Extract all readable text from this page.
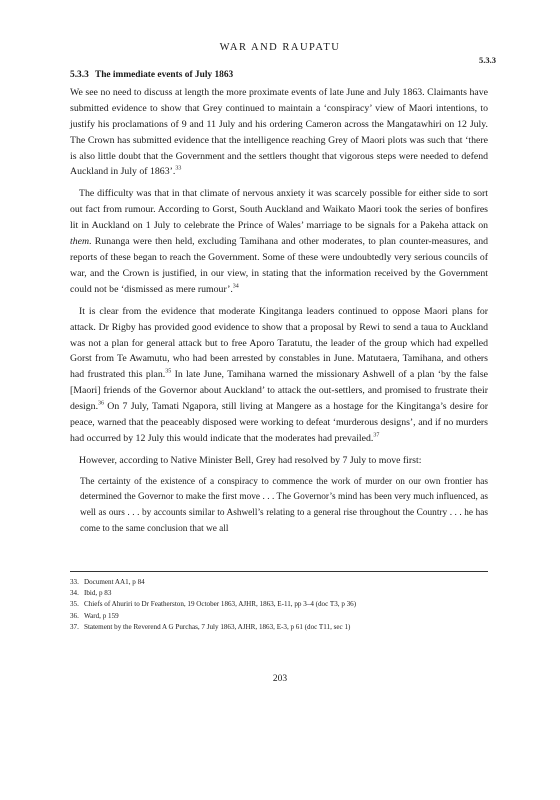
WAR AND RAUPATU
5.3.3
5.3.3 The immediate events of July 1863

We see no need to discuss at length the more proximate events of late June and July 1863. Claimants have submitted evidence to show that Grey continued to maintain a ‘conspiracy’ view of Maori intentions, to justify his proclamations of 9 and 11 July and his ordering Cameron across the Mangatawhiri on 12 July. The Crown has submitted evidence that the intelligence reaching Grey of Maori plots was such that ‘there is also little doubt that the Government and the settlers thought that vigorous steps were needed to defend Auckland in July of 1863’.$^{33}$

The difficulty was that in that climate of nervous anxiety it was scarcely possible for either side to sort out fact from rumour. According to Gorst, South Auckland and Waikato Maori took the series of bonfires lit in Auckland on 1 July to celebrate the Prince of Wales’ marriage to be signals for a Pakeha attack on them. Runanga were then held, excluding Tamihana and other moderates, to plan counter-measures, and reports of these began to reach the Government. Some of these were undoubtedly very serious councils of war, and the Crown is justified, in our view, in stating that the information received by the Government could not be ‘dismissed as mere rumour’.$^{34}$

It is clear from the evidence that moderate Kingitanga leaders continued to oppose Maori plans for attack. Dr Rigby has provided good evidence to show that a proposal by Rewi to send a taua to Auckland was not a plan for general attack but to free Aporo Taratutu, the leader of the group which had expelled Gorst from Te Awamutu, who had been arrested by constables in June. Matutaera, Tamihana, and others had frustrated this plan.$^{35}$ In late June, Tamihana warned the missionary Ashwell of a plan ‘by the false [Maori] friends of the Governor about Auckland’ to attack the out-settlers, and promised to frustrate their design.$^{36}$ On 7 July, Tamati Ngapora, still living at Mangere as a hostage for the Kingitanga’s desire for peace, warned that the peaceably disposed were working to defeat ‘murderous designs’, and if no murders had occurred by 12 July this would indicate that the moderates had prevailed.$^{37}$

However, according to Native Minister Bell, Grey had resolved by 7 July to move first:

The certainty of the existence of a conspiracy to commence the work of murder on our own frontier has determined the Governor to make the first move . . . The Governor’s mind has been very much influenced, as well as ours . . . by accounts similar to Ashwell’s relating to a general rise throughout the Country . . . he has come to the same conclusion that we all
33. Document AA1, p 84
34. Ibid, p 83
35. Chiefs of Ahuriri to Dr Featherston, 19 October 1863, AJHR, 1863, E-11, pp 3–4 (doc T3, p 36)
36. Ward, p 159
37. Statement by the Reverend A G Purchas, 7 July 1863, AJHR, 1863, E-3, p 61 (doc T11, sec 1)
203
